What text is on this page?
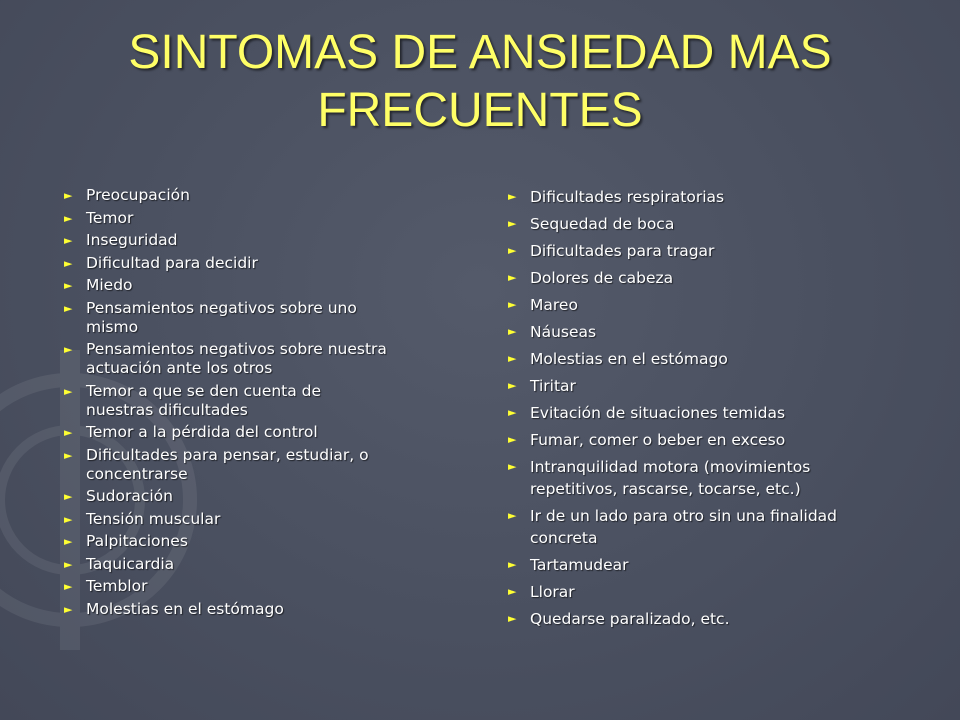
SINTOMAS DE ANSIEDAD MAS FRECUENTES
► Preocupación
► Temor
► Inseguridad
► Dificultad para decidir
► Miedo
► Pensamientos negativos sobre uno mismo
► Pensamientos negativos sobre nuestra actuación ante los otros
► Temor a que se den cuenta de nuestras dificultades
► Temor a la pérdida del control
► Dificultades para pensar, estudiar, o concentrarse
► Sudoración
► Tensión muscular
► Palpitaciones
► Taquicardia
► Temblor
► Molestias en el estómago
► Dificultades respiratorias
► Sequedad de boca
► Dificultades para tragar
► Dolores de cabeza
► Mareo
► Náuseas
► Molestias en el estómago
► Tiritar
► Evitación de situaciones temidas
► Fumar, comer o beber en exceso
► Intranquilidad motora (movimientos repetitivos, rascarse, tocarse, etc.)
► Ir de un lado para otro sin una finalidad concreta
► Tartamudear
► Llorar
► Quedarse paralizado, etc.
